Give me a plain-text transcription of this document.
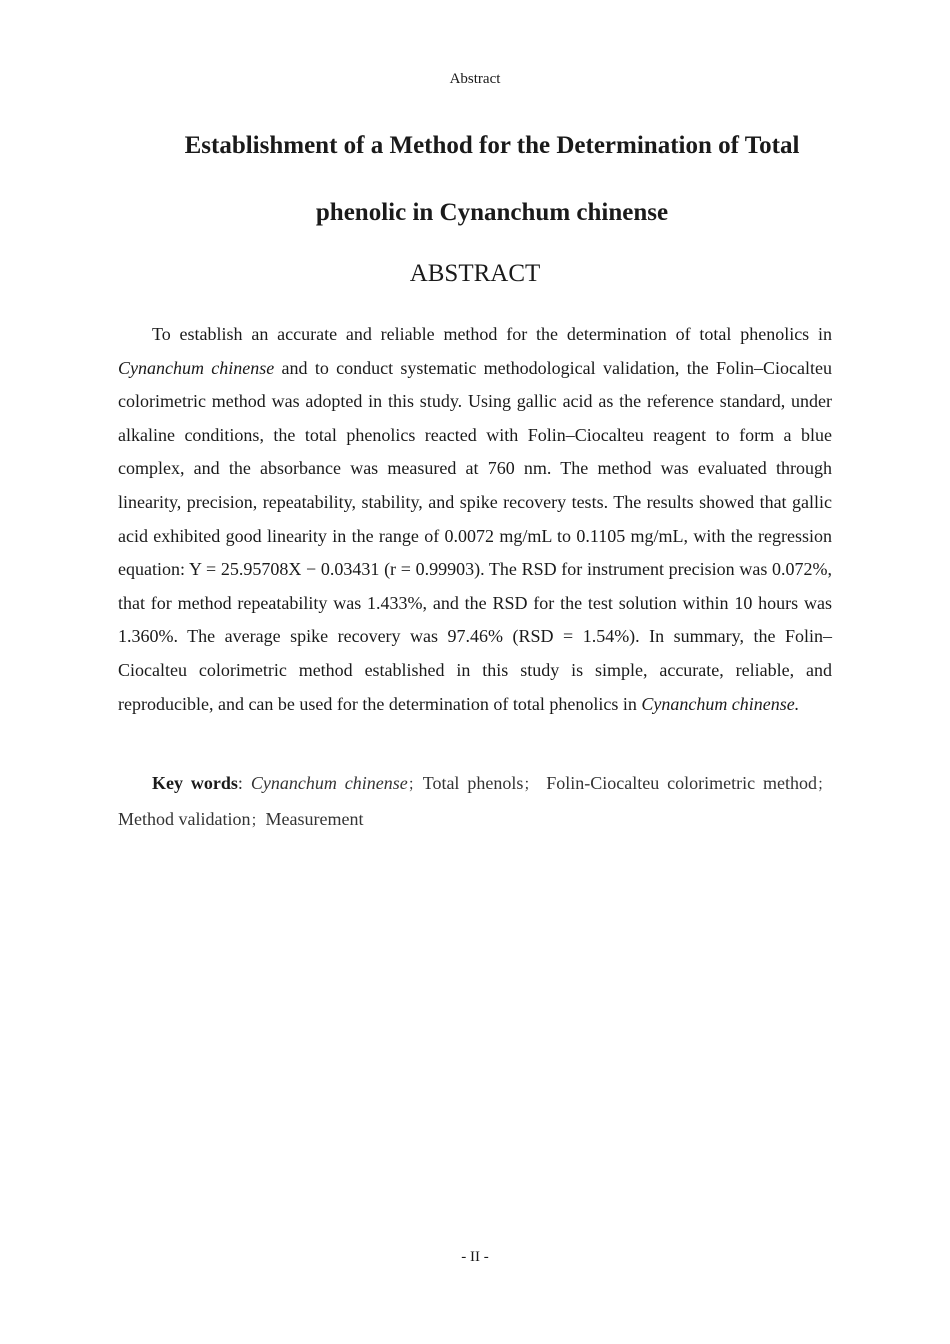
Abstract
Establishment of a Method for the Determination of Total
phenolic in Cynanchum chinense
ABSTRACT

To establish an accurate and reliable method for the determination of total phenolics in Cynanchum chinense and to conduct systematic methodological validation, the Folin–Ciocalteu colorimetric method was adopted in this study. Using gallic acid as the reference standard, under alkaline conditions, the total phenolics reacted with Folin–Ciocalteu reagent to form a blue complex, and the absorbance was measured at 760 nm. The method was evaluated through linearity, precision, repeatability, stability, and spike recovery tests. The results showed that gallic acid exhibited good linearity in the range of 0.0072 mg/mL to 0.1105 mg/mL, with the regression equation: Y = 25.95708X − 0.03431 (r = 0.99903). The RSD for instrument precision was 0.072%, that for method repeatability was 1.433%, and the RSD for the test solution within 10 hours was 1.360%. The average spike recovery was 97.46% (RSD = 1.54%). In summary, the Folin–Ciocalteu colorimetric method established in this study is simple, accurate, reliable, and reproducible, and can be used for the determination of total phenolics in Cynanchum chinense.

Key words: Cynanchum chinense；Total phenols； Folin-Ciocalteu colorimetric method；Method validation；Measurement

- II -
